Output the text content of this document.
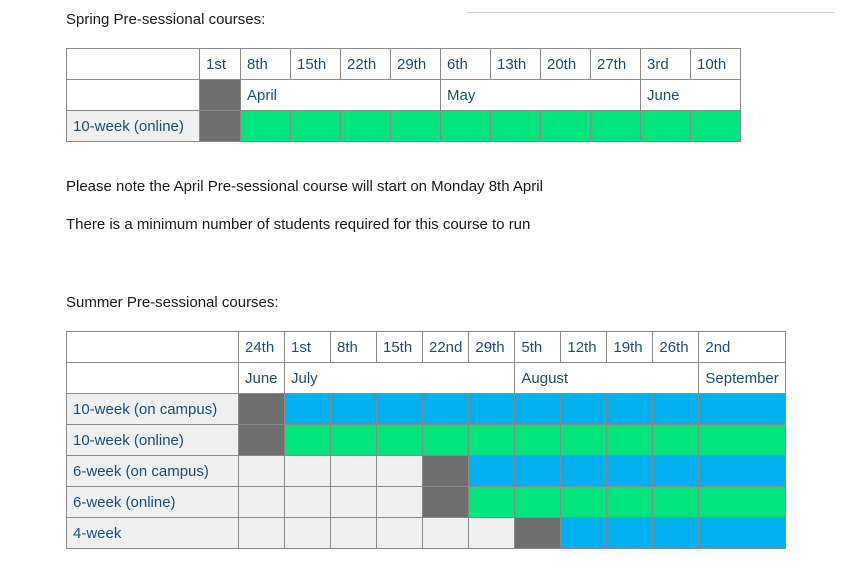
Spring Pre-sessional courses:
	1st	8th	15th	22th	29th	6th	13th	20th	27th	3rd	10th
		April				May				June	
10-week (online)											
Please note the April Pre-sessional course will start on Monday 8th April
There is a minimum number of students required for this course to run
Summer Pre-sessional courses:
	24th	1st	8th	15th	22nd	29th	5th	12th	19th	26th	2nd
	June	July					August				September
10-week (on campus)											
10-week (online)											
6-week (on campus)											
6-week (online)											
4-week											
